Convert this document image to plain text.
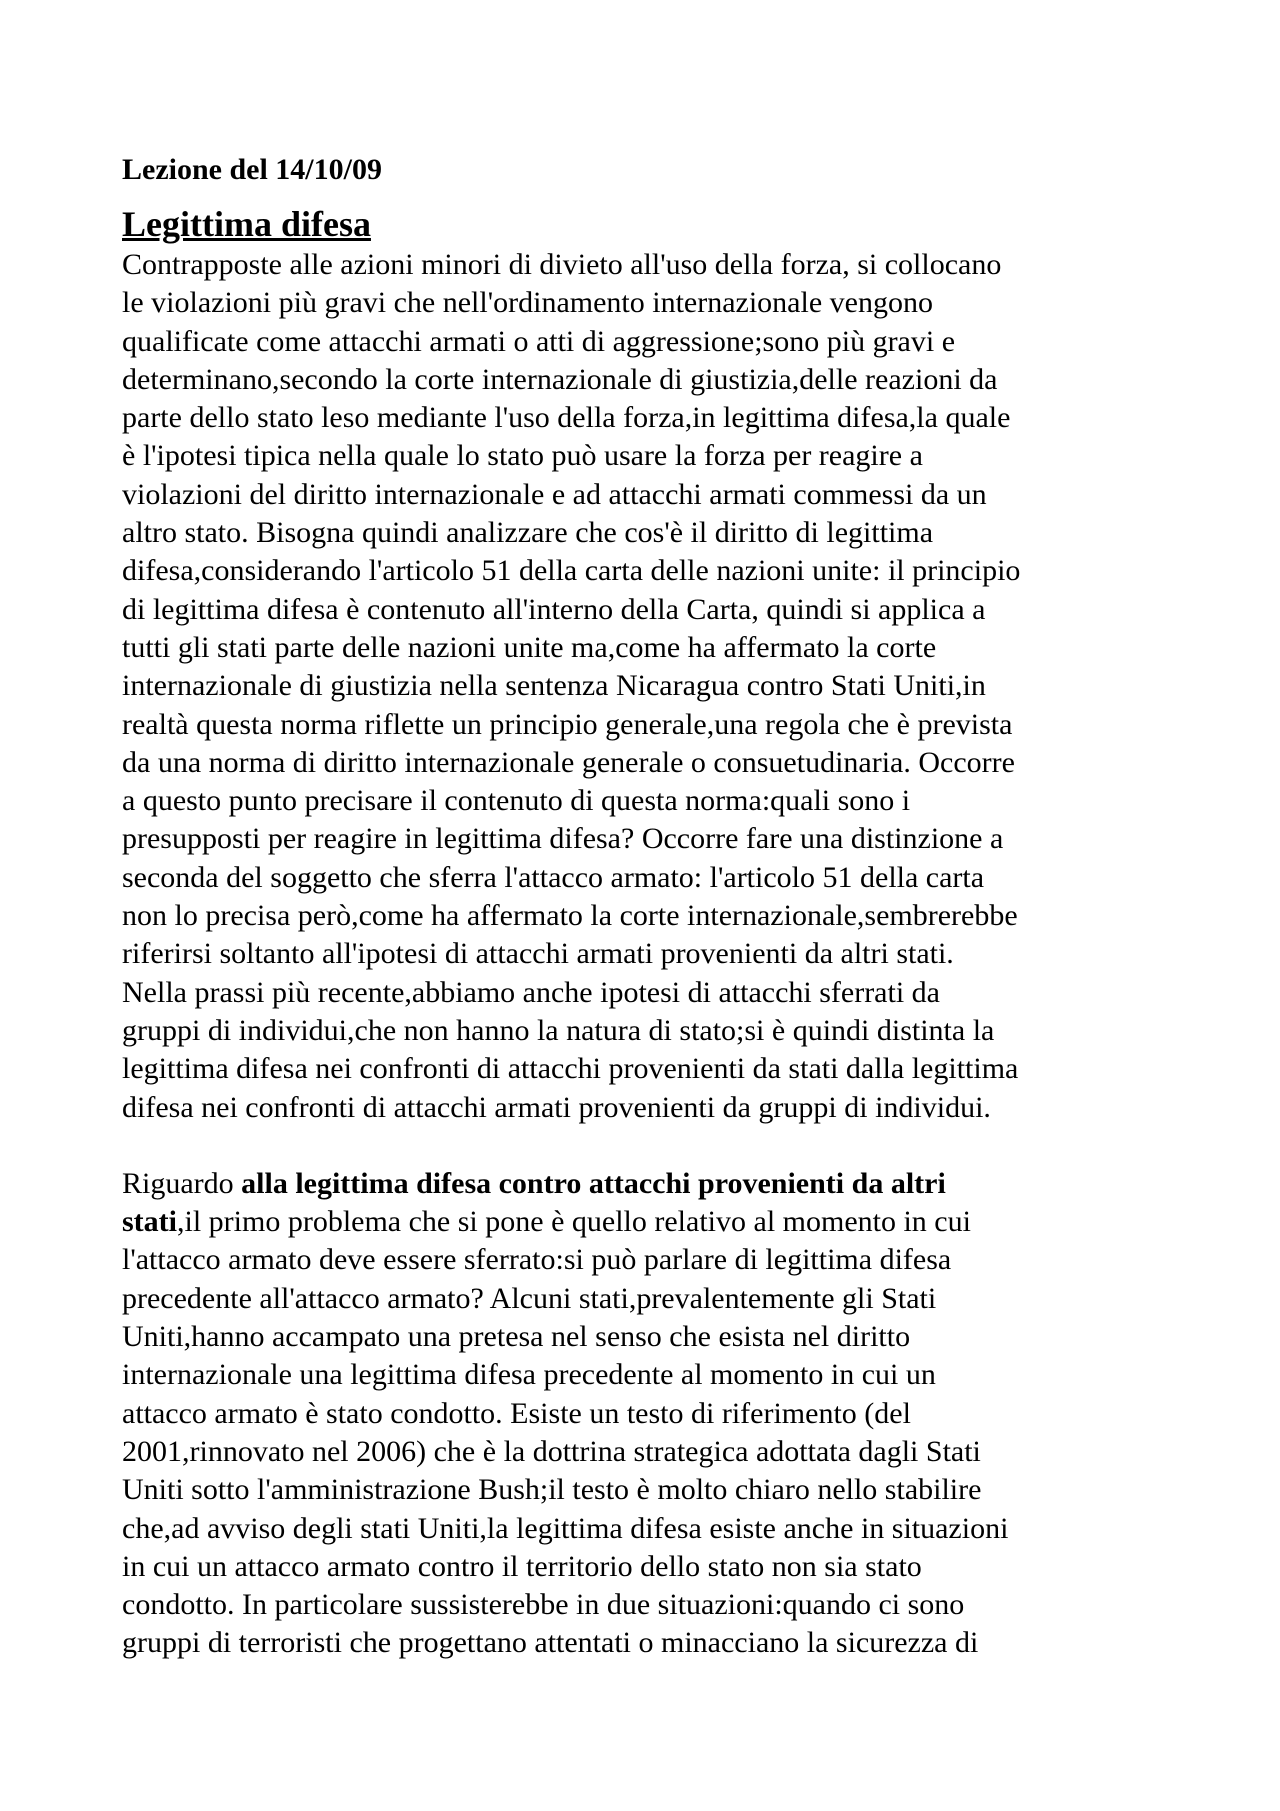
Lezione del 14/10/09
Legittima difesa
Contrapposte alle azioni minori di divieto all'uso della forza, si collocano
le violazioni più gravi che nell'ordinamento internazionale vengono
qualificate come attacchi armati o atti di aggressione;sono più gravi e
determinano,secondo la corte internazionale di giustizia,delle reazioni da
parte dello stato leso mediante l'uso della forza,in legittima difesa,la quale
è l'ipotesi tipica nella quale lo stato può usare la forza per reagire a
violazioni del diritto internazionale e ad attacchi armati commessi da un
altro stato. Bisogna quindi analizzare che cos'è il diritto di legittima
difesa,considerando l'articolo 51 della carta delle nazioni unite: il principio
di legittima difesa è contenuto all'interno della Carta, quindi si applica a
tutti gli stati parte delle nazioni unite ma,come ha affermato la corte
internazionale di giustizia nella sentenza Nicaragua contro Stati Uniti,in
realtà questa norma riflette un principio generale,una regola che è prevista
da una norma di diritto internazionale generale o consuetudinaria. Occorre
a questo punto precisare il contenuto di questa norma:quali sono i
presupposti per reagire in legittima difesa? Occorre fare una distinzione a
seconda del soggetto che sferra l'attacco armato: l'articolo 51 della carta
non lo precisa però,come ha affermato la corte internazionale,sembrerebbe
riferirsi soltanto all'ipotesi di attacchi armati provenienti da altri stati.
Nella prassi più recente,abbiamo anche ipotesi di attacchi sferrati da
gruppi di individui,che non hanno la natura di stato;si è quindi distinta la
legittima difesa nei confronti di attacchi provenienti da stati dalla legittima
difesa nei confronti di attacchi armati provenienti da gruppi di individui.
Riguardo alla legittima difesa contro attacchi provenienti da altri
stati,il primo problema che si pone è quello relativo al momento in cui
l'attacco armato deve essere sferrato:si può parlare di legittima difesa
precedente all'attacco armato? Alcuni stati,prevalentemente gli Stati
Uniti,hanno accampato una pretesa nel senso che esista nel diritto
internazionale una legittima difesa precedente al momento in cui un
attacco armato è stato condotto. Esiste un testo di riferimento (del
2001,rinnovato nel 2006) che è la dottrina strategica adottata dagli Stati
Uniti sotto l'amministrazione Bush;il testo è molto chiaro nello stabilire
che,ad avviso degli stati Uniti,la legittima difesa esiste anche in situazioni
in cui un attacco armato contro il territorio dello stato non sia stato
condotto. In particolare sussisterebbe in due situazioni:quando ci sono
gruppi di terroristi che progettano attentati o minacciano la sicurezza di
